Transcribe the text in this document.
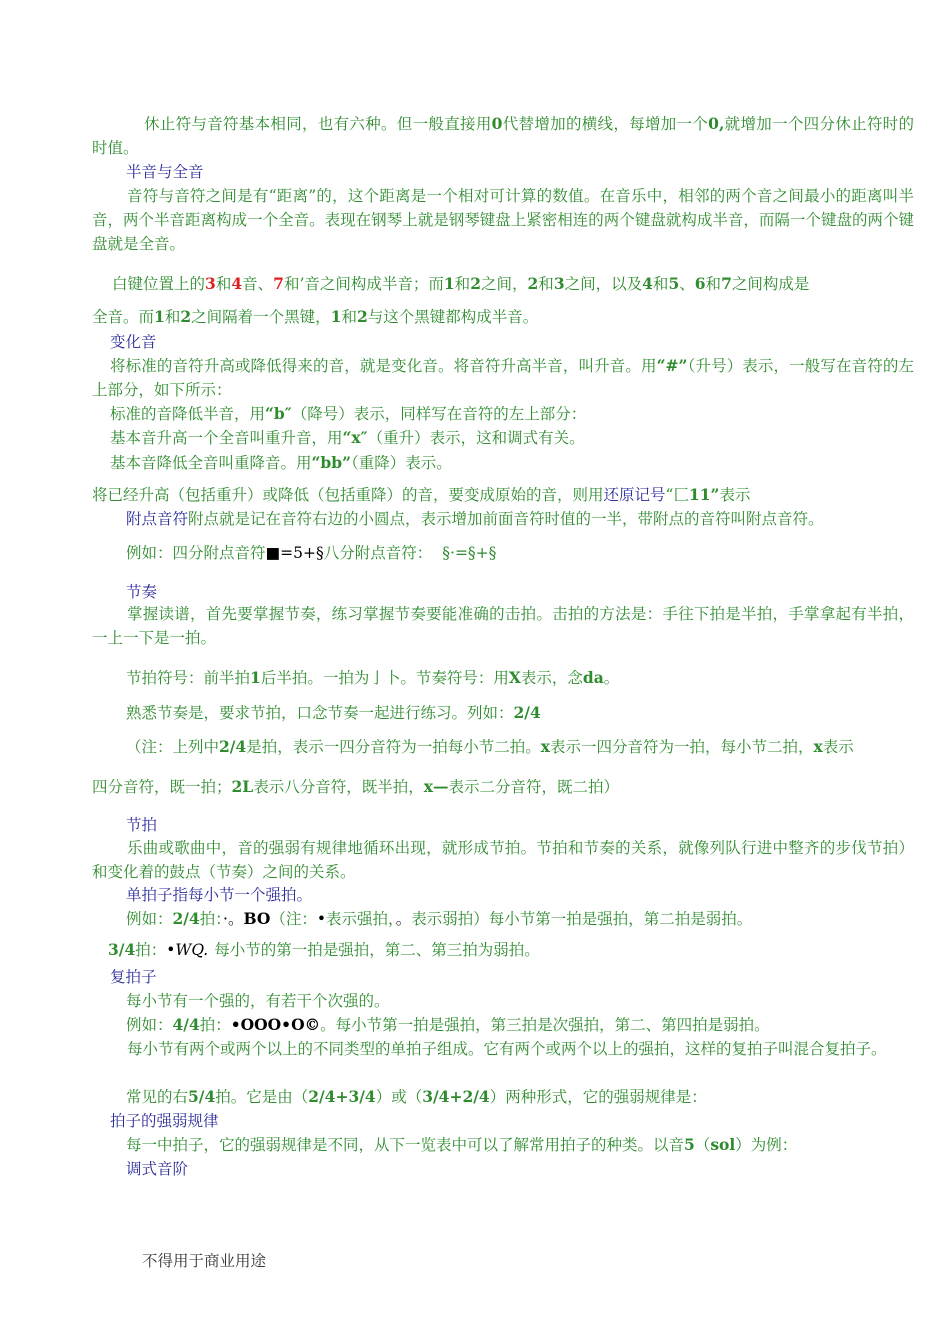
休止符与音符基本相同，也有六种。但一般直接用0代替增加的横线，每增加一个0,就增加一个四分休止符时的时值。

半音与全音

音符与音符之间是有“距离”的，这个距离是一个相对可计算的数值。在音乐中，相邻的两个音之间最小的距离叫半音，两个半音距离构成一个全音。表现在钢琴上就是钢琴键盘上紧密相连的两个键盘就构成半音，而隔一个键盘的两个键盘就是全音。

白键位置上的3和4音、7和’音之间构成半音；而1和2之间，2和3之间，以及4和5、6和7之间构成是

全音。而1和2之间隔着一个黑键，1和2与这个黑键都构成半音。

变化音

将标准的音符升高或降低得来的音，就是变化音。将音符升高半音，叫升音。用“#”（升号）表示，一般写在音符的左上部分，如下所示：

标准的音降低半音，用“b″（降号）表示，同样写在音符的左上部分：

基本音升高一个全音叫重升音，用“x″（重升）表示，这和调式有关。

基本音降低全音叫重降音。用“bb”（重降）表示。

将已经升高（包括重升）或降低（包括重降）的音，要变成原始的音，则用还原记号“匚11”表示

附点音符附点就是记在音符右边的小圆点，表示增加前面音符时值的一半，带附点的音符叫附点音符。

例如：四分附点音符■=5+§八分附点音符： §·=§+§

节奏

掌握读谱，首先要掌握节奏，练习掌握节奏要能准确的击拍。击拍的方法是：手往下拍是半拍，手掌拿起有半拍，一上一下是一拍。

节拍符号：前半拍1后半拍。一拍为亅卜。节奏符号：用X表示，念da。

熟悉节奏是，要求节拍，口念节奏一起进行练习。列如：2/4

（注：上列中2/4是拍，表示一四分音符为一拍每小节二拍。x表示一四分音符为一拍，每小节二拍，x表示

四分音符，既一拍；2L表示八分音符，既半拍，x—表示二分音符，既二拍）

节拍

乐曲或歌曲中，音的强弱有规律地循环出现，就形成节拍。节拍和节奏的关系，就像列队行进中整齐的步伐节拍）和变化着的鼓点（节奏）之间的关系。

单拍子指每小节一个强拍。

例如：2/4拍：·。BO（注：•表示强拍，。表示弱拍）每小节第一拍是强拍，第二拍是弱拍。

3/4拍：•WQ. 每小节的第一拍是强拍，第二、第三拍为弱拍。

复拍子

每小节有一个强的，有若干个次强的。

例如：4/4拍：•OOO•O©。每小节第一拍是强拍，第三拍是次强拍，第二、第四拍是弱拍。

每小节有两个或两个以上的不同类型的单拍子组成。它有两个或两个以上的强拍，这样的复拍子叫混合复拍子。

常见的右5/4拍。它是由（2/4+3/4）或（3/4+2/4）两种形式，它的强弱规律是：

拍子的强弱规律

每一中拍子，它的强弱规律是不同，从下一览表中可以了解常用拍子的种类。以音5（sol）为例：

调式音阶

不得用于商业用途
